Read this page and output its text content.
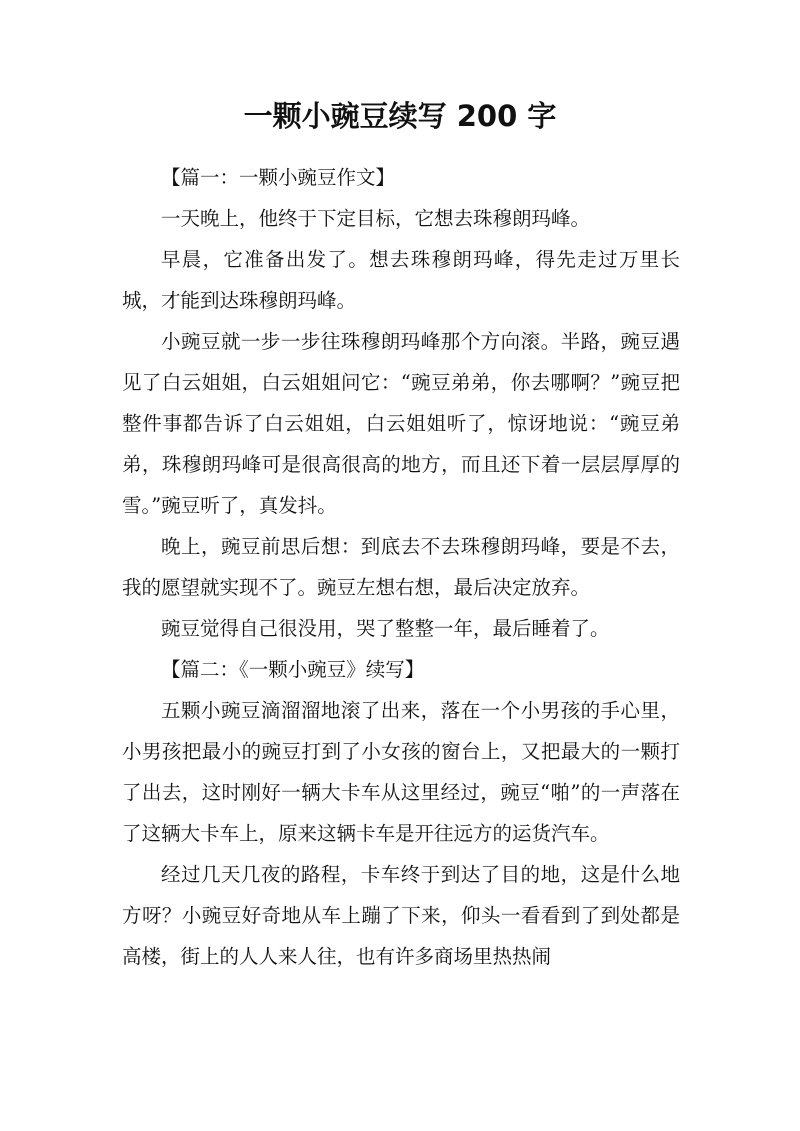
一颗小豌豆续写 200 字

【篇一：一颗小豌豆作文】

一天晚上，他终于下定目标，它想去珠穆朗玛峰。

早晨，它准备出发了。想去珠穆朗玛峰，得先走过万里长城，才能到达珠穆朗玛峰。

小豌豆就一步一步往珠穆朗玛峰那个方向滚。半路，豌豆遇见了白云姐姐，白云姐姐问它：“豌豆弟弟，你去哪啊？”豌豆把整件事都告诉了白云姐姐，白云姐姐听了，惊讶地说：“豌豆弟弟，珠穆朗玛峰可是很高很高的地方，而且还下着一层层厚厚的雪。”豌豆听了，真发抖。

晚上，豌豆前思后想：到底去不去珠穆朗玛峰，要是不去，我的愿望就实现不了。豌豆左想右想，最后决定放弃。

豌豆觉得自己很没用，哭了整整一年，最后睡着了。

【篇二：《一颗小豌豆》续写】

五颗小豌豆滴溜溜地滚了出来，落在一个小男孩的手心里，小男孩把最小的豌豆打到了小女孩的窗台上，又把最大的一颗打了出去，这时刚好一辆大卡车从这里经过，豌豆“啪”的一声落在了这辆大卡车上，原来这辆卡车是开往远方的运货汽车。

经过几天几夜的路程，卡车终于到达了目的地，这是什么地方呀？小豌豆好奇地从车上蹦了下来，仰头一看看到了到处都是高楼，街上的人人来人往，也有许多商场里热热闹
